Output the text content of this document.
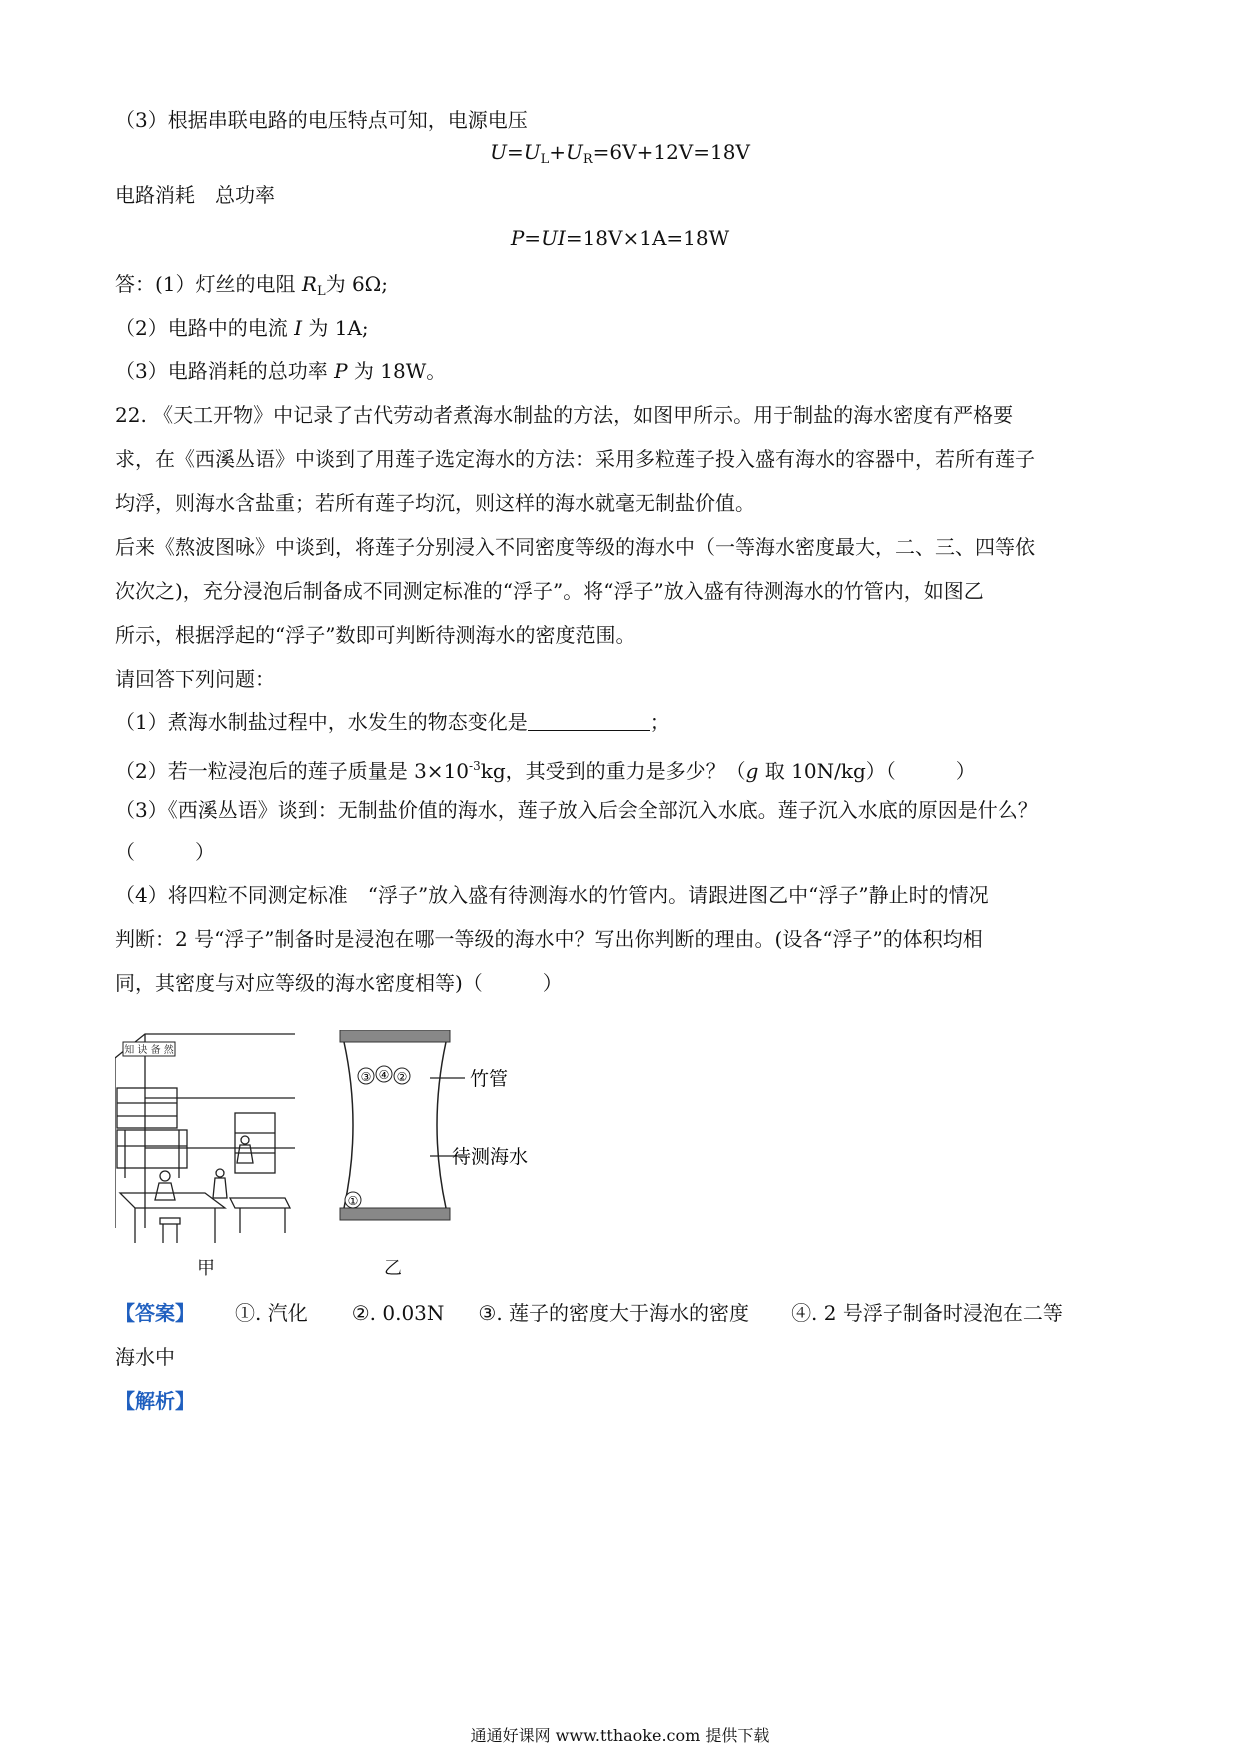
（3）根据串联电路的电压特点可知，电源电压
$U=U_L+U_R=6V+12V=18V$
电路消耗　总功率
P=UI=18V×1A=18W
答：(1）灯丝的电阻 $R_L$为 6Ω;
（2）电路中的电流 I 为 1A;
（3）电路消耗的总功率 P 为 18W。
22. 《天工开物》中记录了古代劳动者煮海水制盐的方法，如图甲所示。用于制盐的海水密度有严格要
求，在《西溪丛语》中谈到了用莲子选定海水的方法：采用多粒莲子投入盛有海水的容器中，若所有莲子
均浮，则海水含盐重；若所有莲子均沉，则这样的海水就毫无制盐价值。
后来《熬波图咏》中谈到，将莲子分别浸入不同密度等级的海水中（一等海水密度最大，二、三、四等依
次次之)，充分浸泡后制备成不同测定标准的“浮子”。将“浮子”放入盛有待测海水的竹管内，如图乙
所示，根据浮起的“浮子”数即可判断待测海水的密度范围。
请回答下列问题：
（1）煮海水制盐过程中，水发生的物态变化是	；
（2）若一粒浸泡后的莲子质量是 $3\times 10^{-3}kg$，其受到的重力是多少？（g 取 10N/kg）（　　　）
（3）《西溪丛语》谈到：无制盐价值的海水，莲子放入后会全部沉入水底。莲子沉入水底的原因是什么？
（　　　）
（4）将四粒不同测定标准　“浮子”放入盛有待测海水的竹管内。请跟进图乙中“浮子”静止时的情况
判断：2 号“浮子”制备时是浸泡在哪一等级的海水中？写出你判断的理由。(设各“浮子”的体积均相
同，其密度与对应等级的海水密度相等)（　　　）
知 诀 备 然
甲
③ ④ ②
①
竹管
待测海水
乙
【答案】 ①. 汽化 ②. 0.03N ③. 莲子的密度大于海水的密度 ④. 2 号浮子制备时浸泡在二等
海水中
【解析】
通通好课网 www.tthaoke.com 提供下载
